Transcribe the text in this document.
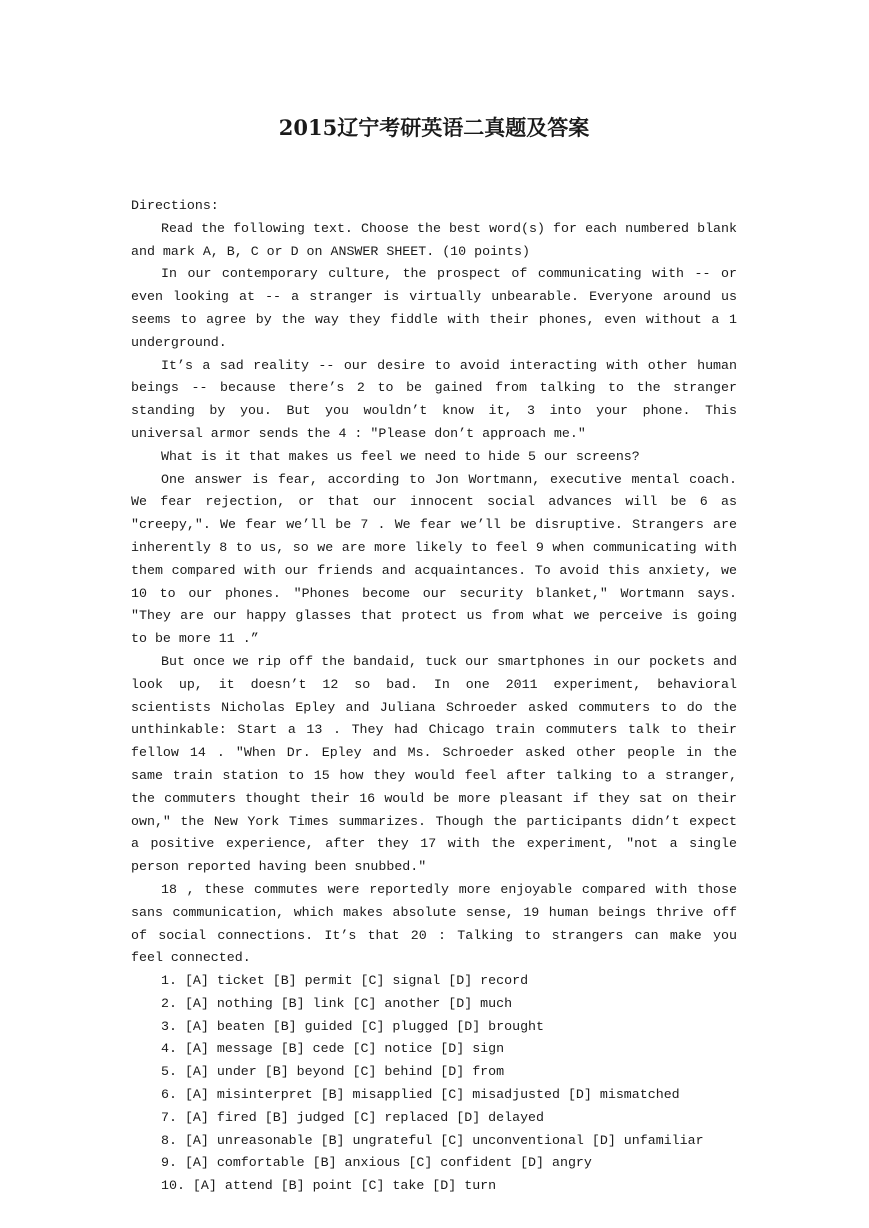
2015辽宁考研英语二真题及答案

Directions:

Read the following text. Choose the best word(s) for each numbered blank and mark A, B, C or D on ANSWER SHEET. (10 points)

In our contemporary culture, the prospect of communicating with -- or even looking at -- a stranger is virtually unbearable. Everyone around us seems to agree by the way they fiddle with their phones, even without a 1 underground.

It’s a sad reality -- our desire to avoid interacting with other human beings -- because there’s 2 to be gained from talking to the stranger standing by you. But you wouldn’t know it, 3 into your phone. This universal armor sends the 4 : "Please don’t approach me."

What is it that makes us feel we need to hide 5 our screens?

One answer is fear, according to Jon Wortmann, executive mental coach. We fear rejection, or that our innocent social advances will be 6 as "creepy,". We fear we’ll be 7 . We fear we’ll be disruptive. Strangers are inherently 8 to us, so we are more likely to feel 9 when communicating with them compared with our friends and acquaintances. To avoid this anxiety, we 10 to our phones. "Phones become our security blanket," Wortmann says. "They are our happy glasses that protect us from what we perceive is going to be more 11 .”

But once we rip off the bandaid, tuck our smartphones in our pockets and look up, it doesn’t 12 so bad. In one 2011 experiment, behavioral scientists Nicholas Epley and Juliana Schroeder asked commuters to do the unthinkable: Start a 13 . They had Chicago train commuters talk to their fellow 14 . "When Dr. Epley and Ms. Schroeder asked other people in the same train station to 15 how they would feel after talking to a stranger, the commuters thought their 16 would be more pleasant if they sat on their own," the New York Times summarizes. Though the participants didn’t expect a positive experience, after they 17 with the experiment, "not a single person reported having been snubbed."

18 , these commutes were reportedly more enjoyable compared with those sans communication, which makes absolute sense, 19 human beings thrive off of social connections. It’s that 20 : Talking to strangers can make you feel connected.

1. [A] ticket [B] permit [C] signal [D] record

2. [A] nothing [B] link [C] another [D] much

3. [A] beaten [B] guided [C] plugged [D] brought

4. [A] message [B] cede [C] notice [D] sign

5. [A] under [B] beyond [C] behind [D] from

6. [A] misinterpret [B] misapplied [C] misadjusted [D] mismatched

7. [A] fired [B] judged [C] replaced [D] delayed

8. [A] unreasonable [B] ungrateful [C] unconventional [D] unfamiliar

9. [A] comfortable [B] anxious [C] confident [D] angry

10. [A] attend [B] point [C] take [D] turn
